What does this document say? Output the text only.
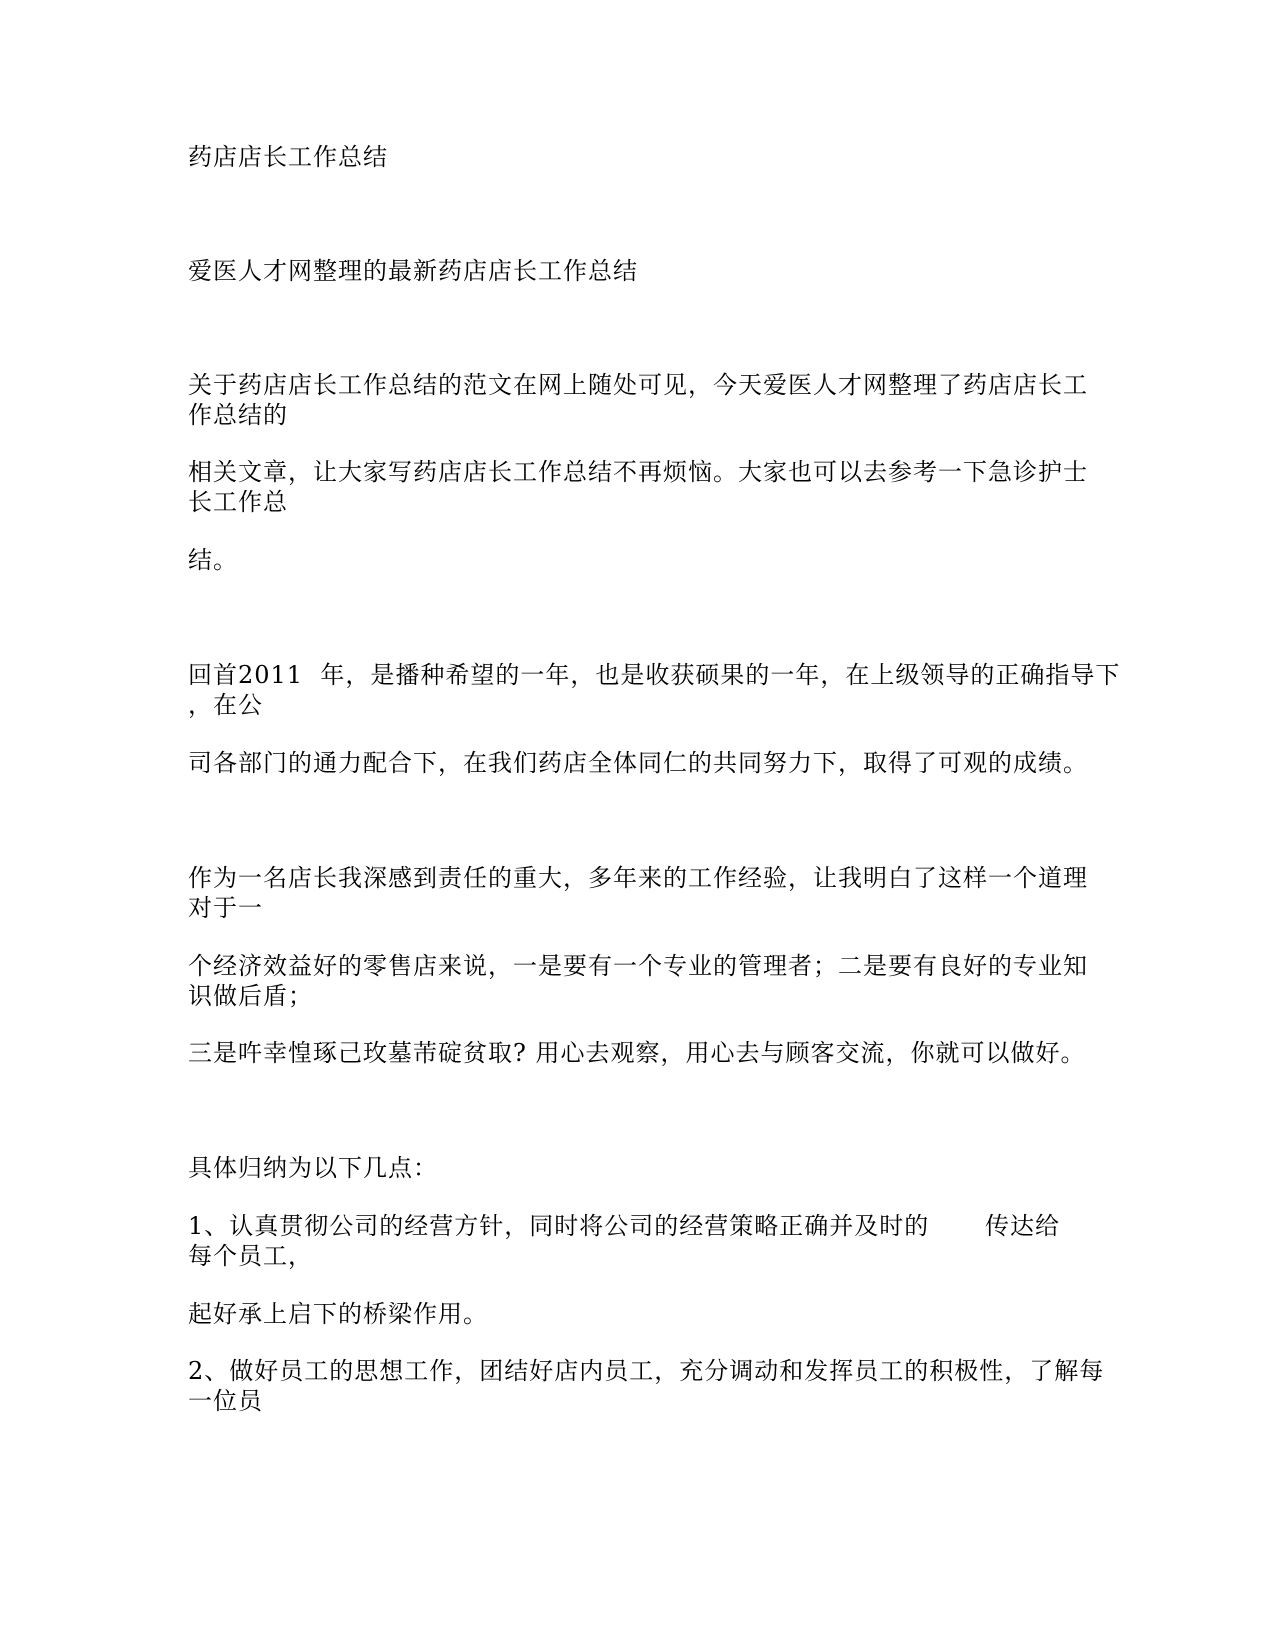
药店店长工作总结
爱医人才网整理的最新药店店长工作总结
关于药店店长工作总结的范文在网上随处可见，今天爱医人才网整理了药店店长工
作总结的
相关文章，让大家写药店店长工作总结不再烦恼。大家也可以去参考一下急诊护士
长工作总
结。
回首2011  年，是播种希望的一年，也是收获硕果的一年，在上级领导的正确指导下
，在公
司各部门的通力配合下，在我们药店全体同仁的共同努力下，取得了可观的成绩。
作为一名店长我深感到责任的重大，多年来的工作经验，让我明白了这样一个道理
对于一
个经济效益好的零售店来说，一是要有一个专业的管理者；二是要有良好的专业知
识做后盾；
三是吘幸惶琢己玫墓芾碇贫取? 用心去观察，用心去与顾客交流，你就可以做好。
具体归纳为以下几点：
1、认真贯彻公司的经营方针，同时将公司的经营策略正确并及时的 传达给
每个员工，
起好承上启下的桥梁作用。
2、做好员工的思想工作，团结好店内员工，充分调动和发挥员工的积极性，了解每
一位员
